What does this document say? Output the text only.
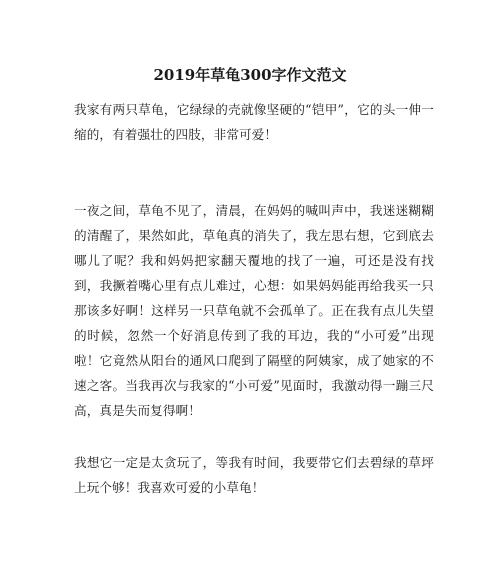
2019年草龟300字作文范文

我家有两只草龟，它绿绿的壳就像坚硬的“铠甲”，它的头一伸一缩的，有着强壮的四肢，非常可爱！

一夜之间，草龟不见了，清晨，在妈妈的喊叫声中，我迷迷糊糊的清醒了，果然如此，草龟真的消失了，我左思右想，它到底去哪儿了呢？我和妈妈把家翻天覆地的找了一遍，可还是没有找到，我撅着嘴心里有点儿难过，心想：如果妈妈能再给我买一只那该多好啊！这样另一只草龟就不会孤单了。正在我有点儿失望的时候，忽然一个好消息传到了我的耳边，我的“小可爱”出现啦！它竟然从阳台的通风口爬到了隔壁的阿姨家，成了她家的不速之客。当我再次与我家的“小可爱”见面时，我激动得一蹦三尺高，真是失而复得啊！

我想它一定是太贪玩了，等我有时间，我要带它们去碧绿的草坪上玩个够！我喜欢可爱的小草龟！
